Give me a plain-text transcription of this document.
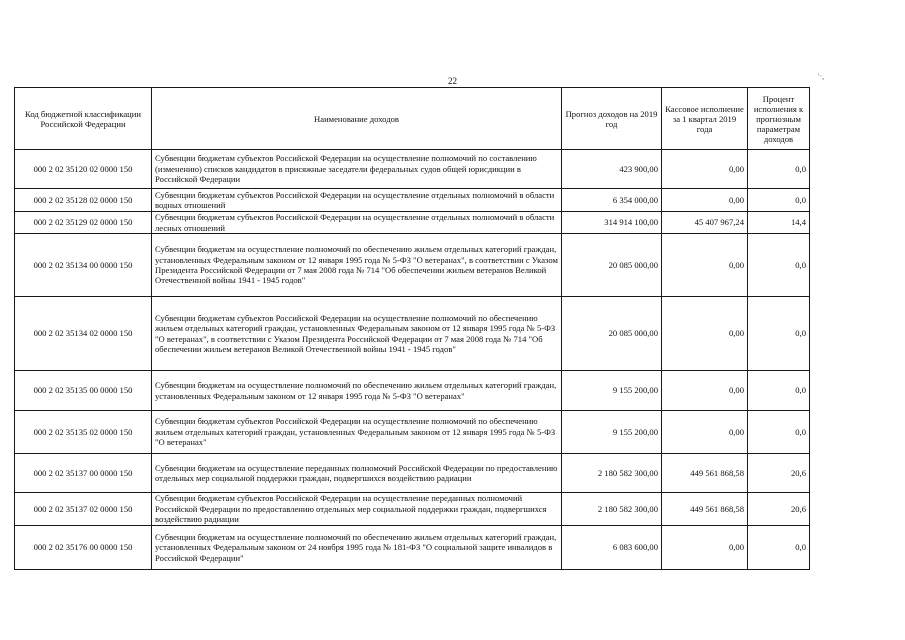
22	'·,
Код бюджетной классификации Российской Федерации	Наименование доходов	Прогноз доходов на 2019 год	Кассовое исполнение за 1 квартал 2019 года	Процент исполнения к прогнозным параметрам доходов
000 2 02 35120 02 0000 150	Субвенции бюджетам субъектов Российской Федерации на осуществление полномочий по составлению (изменению) списков кандидатов в присяжные заседатели федеральных судов общей юрисдикции в Российской Федерации	423 900,00	0,00	0,0
000 2 02 35128 02 0000 150	Субвенции бюджетам субъектов Российской Федерации на осуществление отдельных полномочий в области водных отношений	6 354 000,00	0,00	0,0
000 2 02 35129 02 0000 150	Субвенции бюджетам субъектов Российской Федерации на осуществление отдельных полномочий в области лесных отношений	314 914 100,00	45 407 967,24	14,4
000 2 02 35134 00 0000 150	Субвенции бюджетам на осуществление полномочий по обеспечению жильем отдельных категорий граждан, установленных Федеральным законом от 12 января 1995 года № 5-ФЗ "О ветеранах", в соответствии с Указом Президента Российской Федерации от 7 мая 2008 года № 714 "Об обеспечении жильем ветеранов Великой Отечественной войны 1941 - 1945 годов"	20 085 000,00	0,00	0,0
000 2 02 35134 02 0000 150	Субвенции бюджетам субъектов Российской Федерации на осуществление полномочий по обеспечению жильем отдельных категорий граждан, установленных Федеральным законом от 12 января 1995 года № 5-ФЗ "О ветеранах", в соответствии с Указом Президента Российской Федерации от 7 мая 2008 года № 714 "Об обеспечении жильем ветеранов Великой Отечественной войны 1941 - 1945 годов"	20 085 000,00	0,00	0,0
000 2 02 35135 00 0000 150	Субвенции бюджетам на осуществление полномочий по обеспечению жильем отдельных категорий граждан, установленных Федеральным законом от 12 января 1995 года № 5-ФЗ "О ветеранах"	9 155 200,00	0,00	0,0
000 2 02 35135 02 0000 150	Субвенции бюджетам субъектов Российской Федерации на осуществление полномочий по обеспечению жильем отдельных категорий граждан, установленных Федеральным законом от 12 января 1995 года № 5-ФЗ "О ветеранах"	9 155 200,00	0,00	0,0
000 2 02 35137 00 0000 150	Субвенции бюджетам на осуществление переданных полномочий Российской Федерации по предоставлению отдельных мер социальной поддержки граждан, подвергшихся воздействию радиации	2 180 582 300,00	449 561 868,58	20,6
000 2 02 35137 02 0000 150	Субвенции бюджетам субъектов Российской Федерации на осуществление переданных полномочий Российской Федерации по предоставлению отдельных мер социальной поддержки граждан, подвергшихся воздействию радиации	2 180 582 300,00	449 561 868,58	20,6
000 2 02 35176 00 0000 150	Субвенции бюджетам на осуществление полномочий по обеспечению жильем отдельных категорий граждан, установленных Федеральным законом от 24 ноября 1995 года № 181-ФЗ "О социальной защите инвалидов в Российской Федерации"	6 083 600,00	0,00	0,0
